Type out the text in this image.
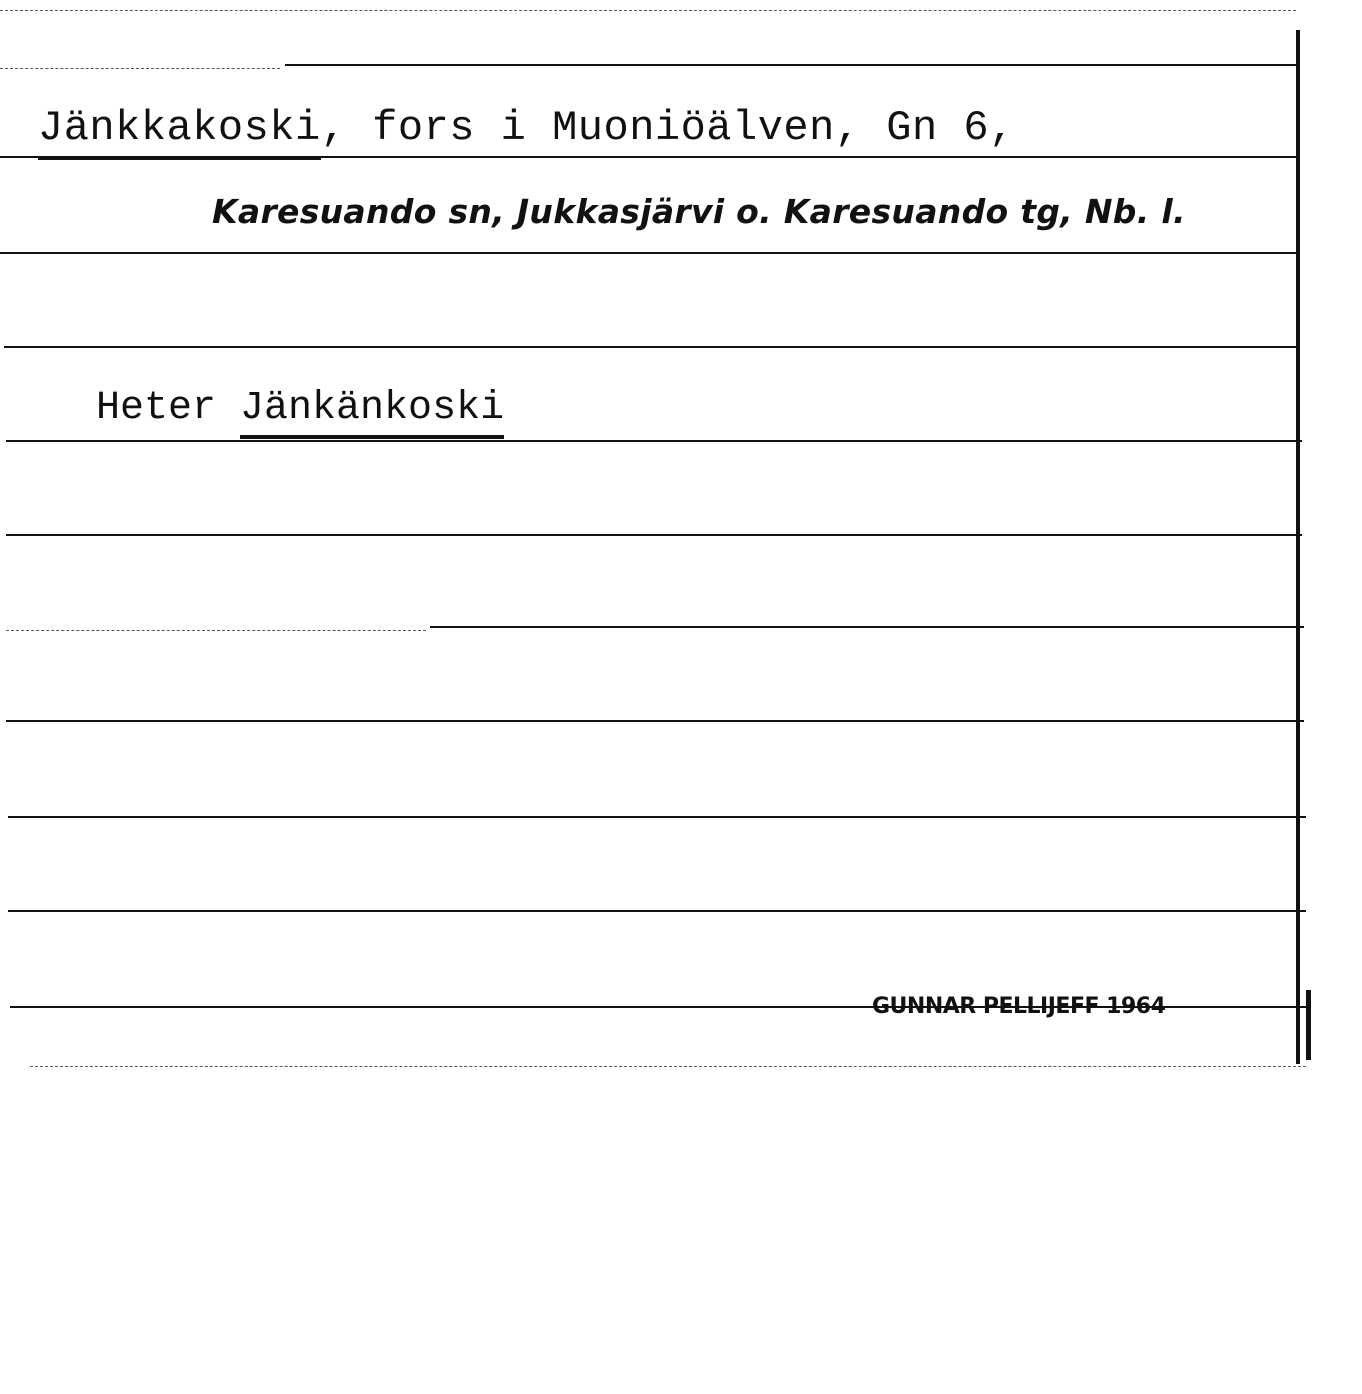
Jänkkakoski, fors i Muoniöälven, Gn 6,
Karesuando sn, Jukkasjärvi o. Karesuando tg, Nb. l.
Heter Jänkänkoski
GUNNAR PELLIJEFF 1964
